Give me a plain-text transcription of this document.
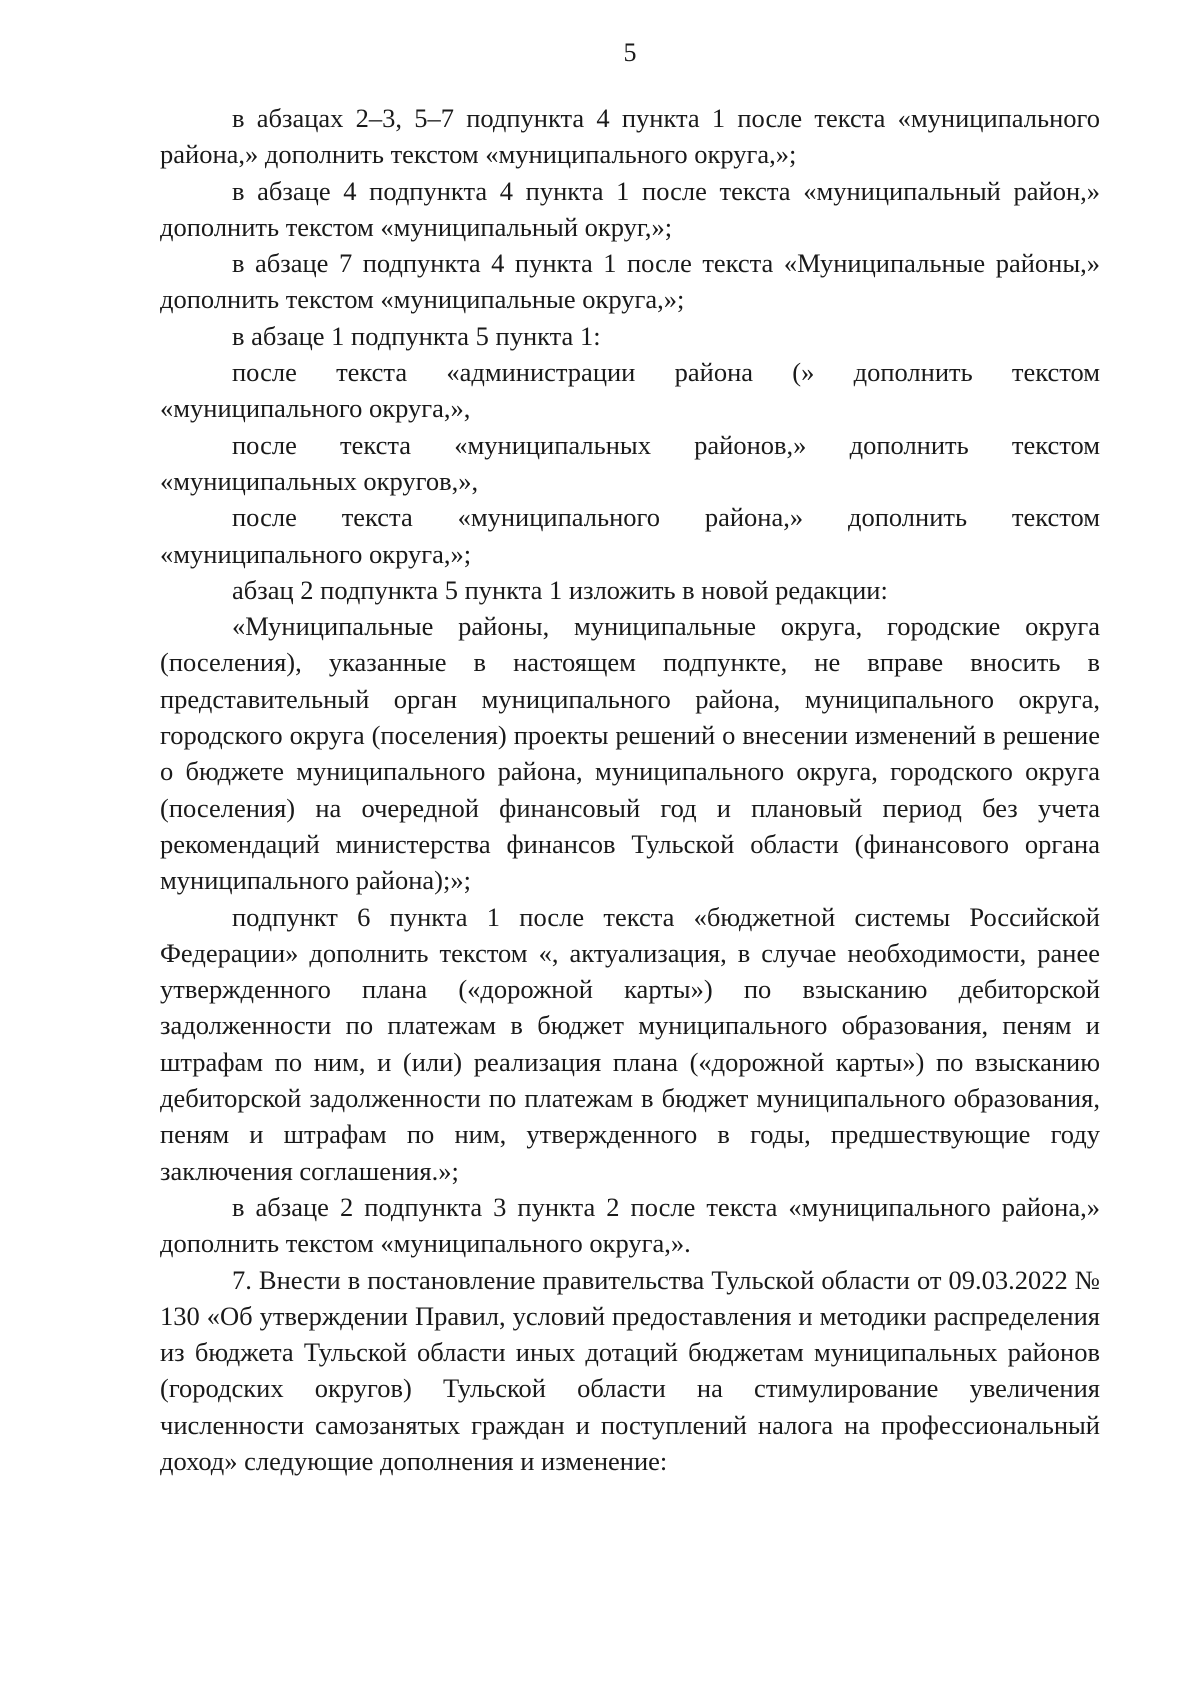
5

в абзацах 2–3, 5–7 подпункта 4 пункта 1 после текста «муниципального района,» дополнить текстом «муниципального округа,»;

в абзаце 4 подпункта 4 пункта 1 после текста «муниципальный район,» дополнить текстом «муниципальный округ,»;

в абзаце 7 подпункта 4 пункта 1 после текста «Муниципальные районы,» дополнить текстом «муниципальные округа,»;

в абзаце 1 подпункта 5 пункта 1:

после текста «администрации района (» дополнить текстом «муниципального округа,»,

после текста «муниципальных районов,» дополнить текстом «муниципальных округов,»,

после текста «муниципального района,» дополнить текстом «муниципального округа,»;

абзац 2 подпункта 5 пункта 1 изложить в новой редакции:

«Муниципальные районы, муниципальные округа, городские округа (поселения), указанные в настоящем подпункте, не вправе вносить в представительный орган муниципального района, муниципального округа, городского округа (поселения) проекты решений о внесении изменений в решение о бюджете муниципального района, муниципального округа, городского округа (поселения) на очередной финансовый год и плановый период без учета рекомендаций министерства финансов Тульской области (финансового органа муниципального района);»;

подпункт 6 пункта 1 после текста «бюджетной системы Российской Федерации» дополнить текстом «, актуализация, в случае необходимости, ранее утвержденного плана («дорожной карты») по взысканию дебиторской задолженности по платежам в бюджет муниципального образования, пеням и штрафам по ним, и (или) реализация плана («дорожной карты») по взысканию дебиторской задолженности по платежам в бюджет муниципального образования, пеням и штрафам по ним, утвержденного в годы, предшествующие году заключения соглашения.»;

в абзаце 2 подпункта 3 пункта 2 после текста «муниципального района,» дополнить текстом «муниципального округа,».

7. Внести в постановление правительства Тульской области от 09.03.2022 № 130 «Об утверждении Правил, условий предоставления и методики распределения из бюджета Тульской области иных дотаций бюджетам муниципальных районов (городских округов) Тульской области на стимулирование увеличения численности самозанятых граждан и поступлений налога на профессиональный доход» следующие дополнения и изменение:
